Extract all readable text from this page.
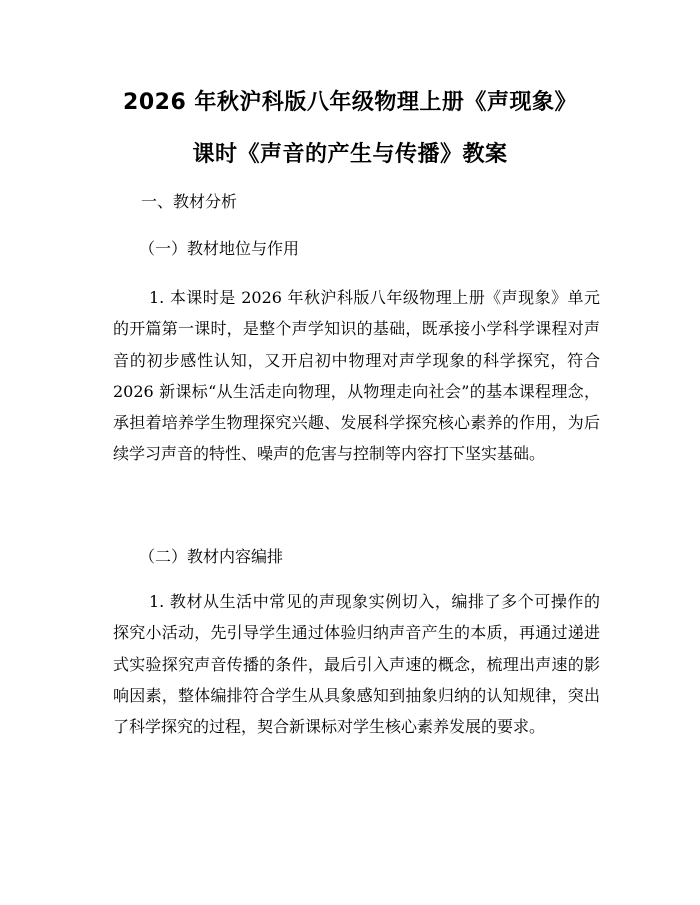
2026 年秋沪科版八年级物理上册《声现象》
课时《声音的产生与传播》教案
一、教材分析
（一）教材地位与作用

1. 本课时是 2026 年秋沪科版八年级物理上册《声现象》单元的开篇第一课时，是整个声学知识的基础，既承接小学科学课程对声音的初步感性认知，又开启初中物理对声学现象的科学探究，符合 2026 新课标“从生活走向物理，从物理走向社会”的基本课程理念，承担着培养学生物理探究兴趣、发展科学探究核心素养的作用，为后续学习声音的特性、噪声的危害与控制等内容打下坚实基础。

（二）教材内容编排

1. 教材从生活中常见的声现象实例切入，编排了多个可操作的探究小活动，先引导学生通过体验归纳声音产生的本质，再通过递进式实验探究声音传播的条件，最后引入声速的概念，梳理出声速的影响因素，整体编排符合学生从具象感知到抽象归纳的认知规律，突出了科学探究的过程，契合新课标对学生核心素养发展的要求。
